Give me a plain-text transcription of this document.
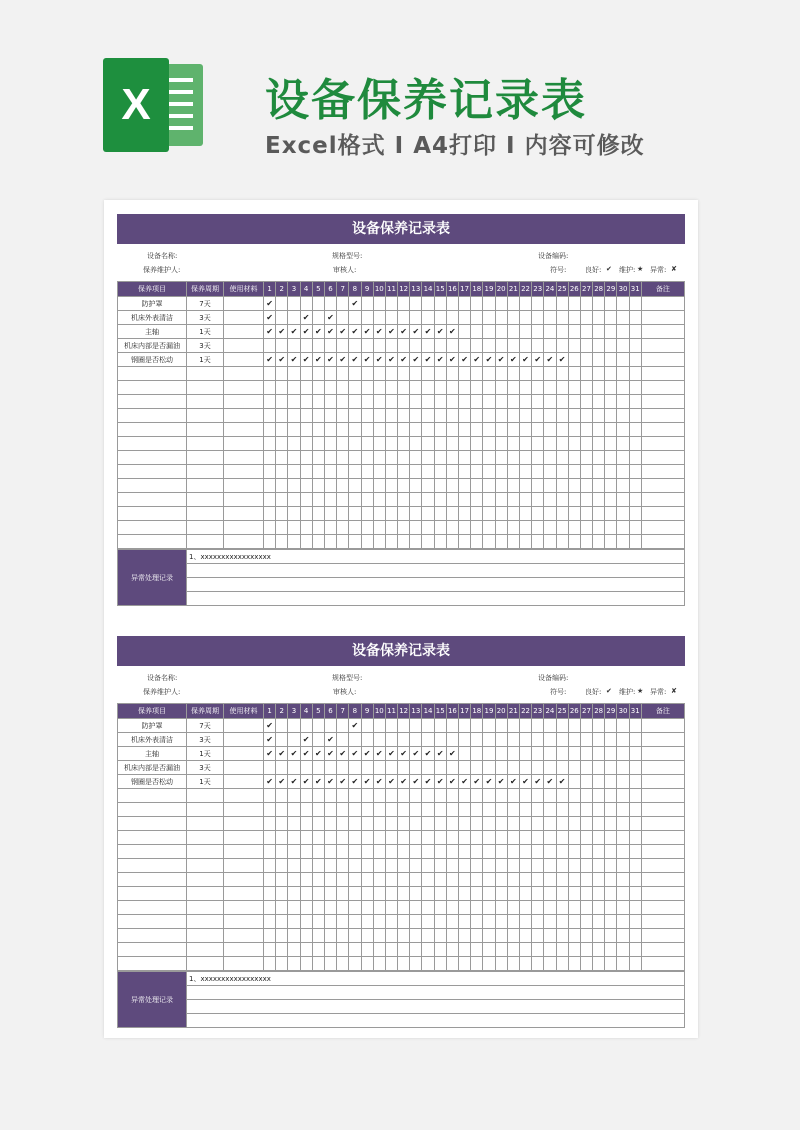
X	设备保养记录表
Excel格式 I A4打印 I 内容可修改
设备保养记录表
设备名称:	规格型号:	设备编码:
保养维护人:	审核人:	符号:	良好: ✔ 维护: ★ 异常: ✘
保养项目	保养周期	使用材料	1	2	3	4	5	6	7	8	9	10	11	12	13	14	15	16	17	18	19	20	21	22	23	24	25	26	27	28	29	30	31	备注
防护罩	7天		✔							✔																								
机床外表清洁	3天		✔			✔		✔																										
主轴	1天		✔	✔	✔	✔	✔	✔	✔	✔	✔	✔	✔	✔	✔	✔	✔	✔																
机床内部是否漏油	3天																																	
钢圈是否松动	1天		✔	✔	✔	✔	✔	✔	✔	✔	✔	✔	✔	✔	✔	✔	✔	✔	✔	✔	✔	✔	✔	✔	✔	✔	✔							

异常处理记录	1、xxxxxxxxxxxxxxxxx

设备保养记录表
设备名称:	规格型号:	设备编码:
保养维护人:	审核人:	符号:	良好: ✔ 维护: ★ 异常: ✘
保养项目	保养周期	使用材料	1	2	3	4	5	6	7	8	9	10	11	12	13	14	15	16	17	18	19	20	21	22	23	24	25	26	27	28	29	30	31	备注
防护罩	7天		✔							✔																								
机床外表清洁	3天		✔			✔		✔																										
主轴	1天		✔	✔	✔	✔	✔	✔	✔	✔	✔	✔	✔	✔	✔	✔	✔	✔																
机床内部是否漏油	3天																																	
钢圈是否松动	1天		✔	✔	✔	✔	✔	✔	✔	✔	✔	✔	✔	✔	✔	✔	✔	✔	✔	✔	✔	✔	✔	✔	✔	✔	✔							

异常处理记录	1、xxxxxxxxxxxxxxxxx
